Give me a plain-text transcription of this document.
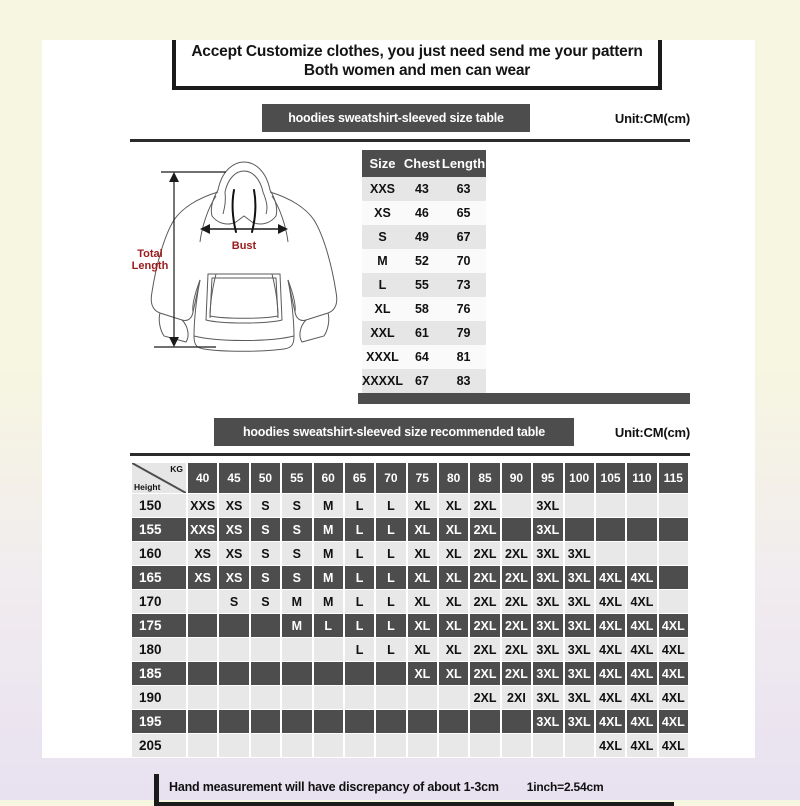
Accept Customize clothes, you just need send me your pattern
Both women and men can wear
hoodies sweatshirt-sleeved size table	Unit:CM(cm)
Bust
Total
Length
Size	Chest	Length
XXS	43	63
XS	46	65
S	49	67
M	52	70
L	55	73
XL	58	76
XXL	61	79
XXXL	64	81
XXXXL	67	83
hoodies sweatshirt-sleeved size recommended table	Unit:CM(cm)
KG
Height	40	45	50	55	60	65	70	75	80	85	90	95	100	105	110	115
150	XXS	XS	S	S	M	L	L	XL	XL	2XL		3XL				
155	XXS	XS	S	S	M	L	L	XL	XL	2XL		3XL				
160	XS	XS	S	S	M	L	L	XL	XL	2XL	2XL	3XL	3XL			
165	XS	XS	S	S	M	L	L	XL	XL	2XL	2XL	3XL	3XL	4XL	4XL	
170		S	S	M	M	L	L	XL	XL	2XL	2XL	3XL	3XL	4XL	4XL	
175				M	L	L	L	XL	XL	2XL	2XL	3XL	3XL	4XL	4XL	4XL
180						L	L	XL	XL	2XL	2XL	3XL	3XL	4XL	4XL	4XL
185								XL	XL	2XL	2XL	3XL	3XL	4XL	4XL	4XL
190										2XL	2XI	3XL	3XL	4XL	4XL	4XL
195												3XL	3XL	4XL	4XL	4XL
205														4XL	4XL	4XL
Hand measurement will have discrepancy of about 1-3cm 1inch=2.54cm
